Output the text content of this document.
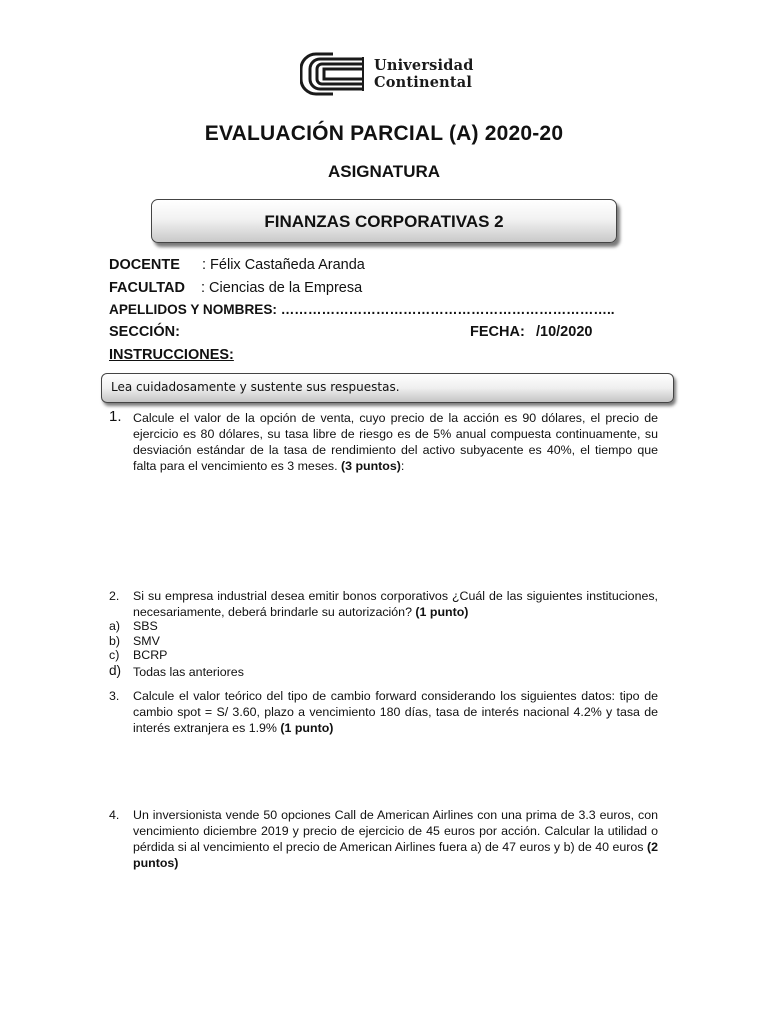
Universidad
Continental
EVALUACIÓN PARCIAL (A) 2020-20
ASIGNATURA
FINANZAS CORPORATIVAS 2
DOCENTE : Félix Castañeda Aranda
FACULTAD : Ciencias de la Empresa
APELLIDOS Y NOMBRES: ………………………………………………………………..
SECCIÓN:	FECHA: /10/2020
INSTRUCCIONES:
Lea cuidadosamente y sustente sus respuestas.
1. Calcule el valor de la opción de venta, cuyo precio de la acción es 90 dólares, el precio de ejercicio es 80 dólares, su tasa libre de riesgo es de 5% anual compuesta continuamente, su desviación estándar de la tasa de rendimiento del activo subyacente es 40%, el tiempo que falta para el vencimiento es 3 meses. (3 puntos):
2. Si su empresa industrial desea emitir bonos corporativos ¿Cuál de las siguientes instituciones, necesariamente, deberá brindarle su autorización? (1 punto)
a)	SBS
b)	SMV
c)	BCRP
d) Todas las anteriores
3. Calcule el valor teórico del tipo de cambio forward considerando los siguientes datos: tipo de cambio spot = S/ 3.60, plazo a vencimiento 180 días, tasa de interés nacional 4.2% y tasa de interés extranjera es 1.9% (1 punto)
4. Un inversionista vende 50 opciones Call de American Airlines con una prima de 3.3 euros, con vencimiento diciembre 2019 y precio de ejercicio de 45 euros por acción. Calcular la utilidad o pérdida si al vencimiento el precio de American Airlines fuera a) de 47 euros y b) de 40 euros (2 puntos)
